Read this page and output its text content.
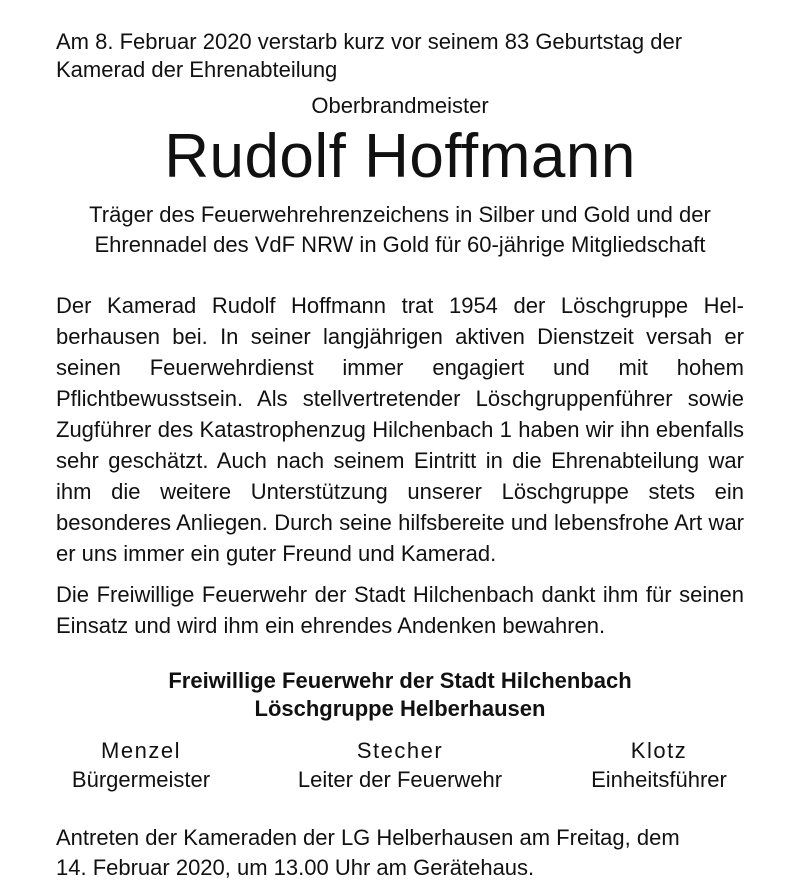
Am 8. Februar 2020 verstarb kurz vor seinem 83 Geburtstag der
Kamerad der Ehrenabteilung

Oberbrandmeister

Rudolf Hoffmann

Träger des Feuerwehrehrenzeichens in Silber und Gold und der
Ehrennadel des VdF NRW in Gold für 60-jährige Mitgliedschaft

Der Kamerad Rudolf Hoffmann trat 1954 der Löschgruppe Helberhausen bei. In seiner langjährigen aktiven Dienstzeit versah er seinen Feuerwehrdienst immer engagiert und mit hohem Pflichtbewusstsein. Als stellvertretender Löschgruppenführer sowie Zugführer des Katastrophenzug Hilchenbach 1 haben wir ihn ebenfalls sehr geschätzt. Auch nach seinem Eintritt in die Ehrenabteilung war ihm die weitere Unterstützung unserer Löschgruppe stets ein besonderes Anliegen. Durch seine hilfsbereite und lebensfrohe Art war er uns immer ein guter Freund und Kamerad.

Die Freiwillige Feuerwehr der Stadt Hilchenbach dankt ihm für seinen Einsatz und wird ihm ein ehrendes Andenken bewahren.

Freiwillige Feuerwehr der Stadt Hilchenbach
Löschgruppe Helberhausen
Menzel
Bürgermeister
Stecher
Leiter der Feuerwehr
Klotz
Einheitsführer

Antreten der Kameraden der LG Helberhausen am Freitag, dem
14. Februar 2020, um 13.00 Uhr am Gerätehaus.
